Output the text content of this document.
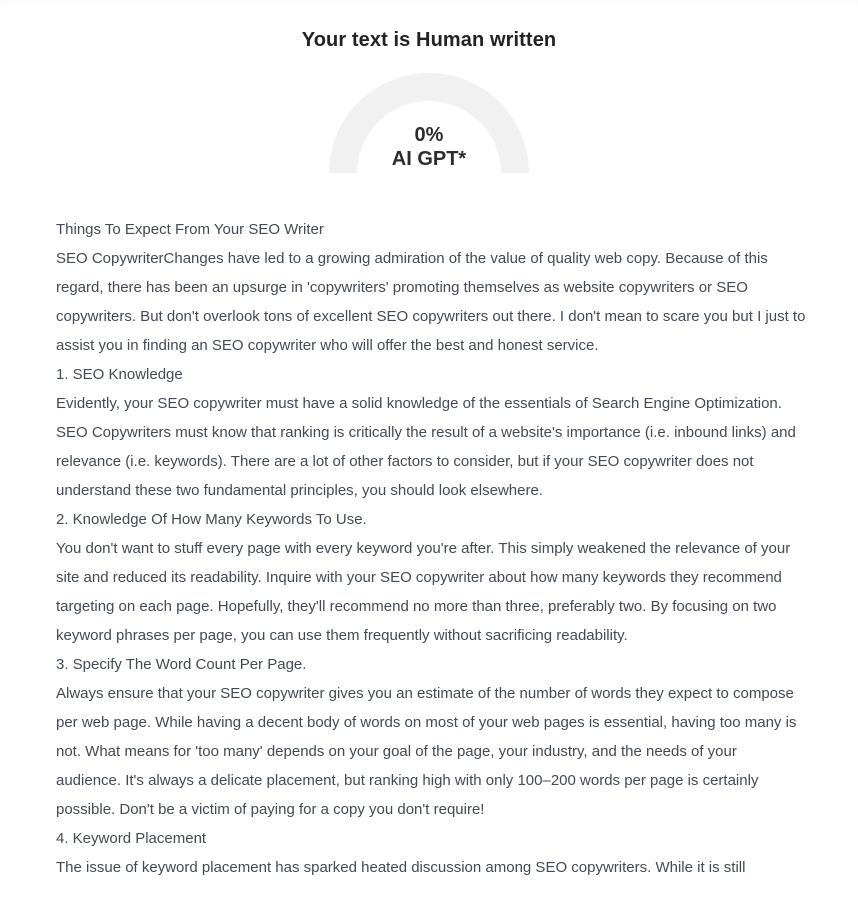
Your text is Human written
0%
AI GPT*

Things To Expect From Your SEO Writer

SEO CopywriterChanges have led to a growing admiration of the value of quality web copy. Because of this regard, there has been an upsurge in 'copywriters' promoting themselves as website copywriters or SEO copywriters. But don't overlook tons of excellent SEO copywriters out there. I don't mean to scare you but I just to assist you in finding an SEO copywriter who will offer the best and honest service.

1. SEO Knowledge

Evidently, your SEO copywriter must have a solid knowledge of the essentials of Search Engine Optimization. SEO Copywriters must know that ranking is critically the result of a website's importance (i.e. inbound links) and relevance (i.e. keywords). There are a lot of other factors to consider, but if your SEO copywriter does not understand these two fundamental principles, you should look elsewhere.

2. Knowledge Of How Many Keywords To Use.

You don't want to stuff every page with every keyword you're after. This simply weakened the relevance of your site and reduced its readability. Inquire with your SEO copywriter about how many keywords they recommend targeting on each page. Hopefully, they'll recommend no more than three, preferably two. By focusing on two keyword phrases per page, you can use them frequently without sacrificing readability.

3. Specify The Word Count Per Page.

Always ensure that your SEO copywriter gives you an estimate of the number of words they expect to compose per web page. While having a decent body of words on most of your web pages is essential, having too many is not. What means for 'too many' depends on your goal of the page, your industry, and the needs of your audience. It's always a delicate placement, but ranking high with only 100–200 words per page is certainly possible. Don't be a victim of paying for a copy you don't require!

4. Keyword Placement

The issue of keyword placement has sparked heated discussion among SEO copywriters. While it is still
